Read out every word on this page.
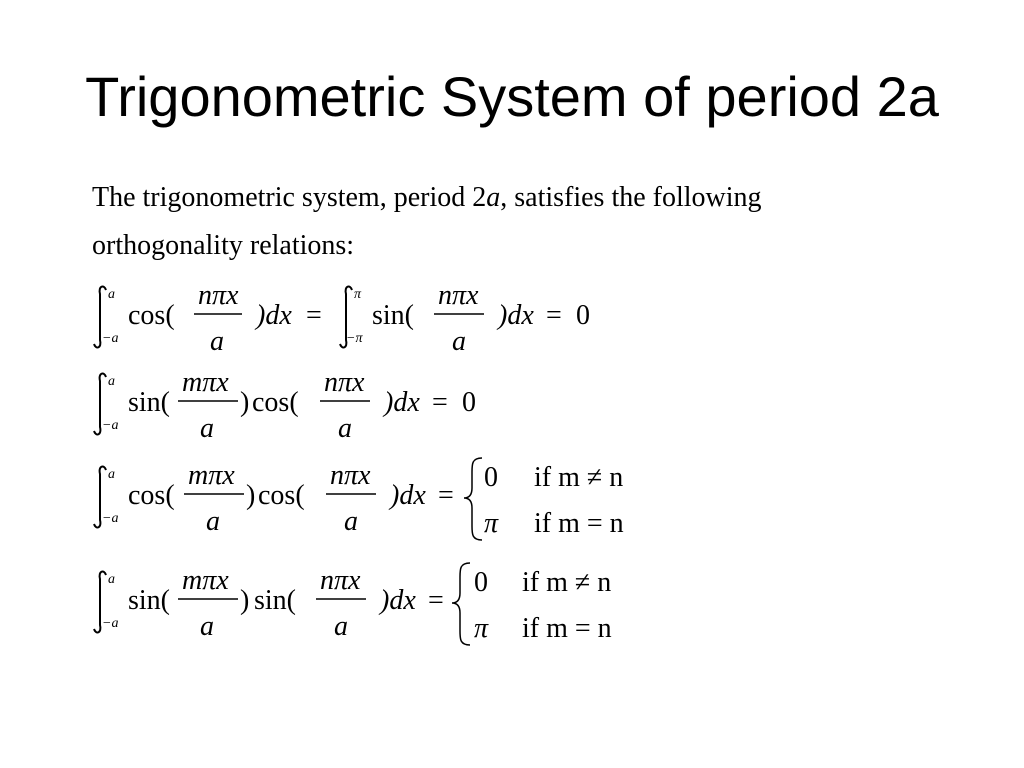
Trigonometric System of period 2a

The trigonometric system, period 2a, satisfies the following
orthogonality relations:

a
−a
cos(
nπx
a
)dx =
π
−π
sin(
nπx
a
)dx = 0
a
−a
sin(
mπx
a
) cos(
nπx
a
)dx = 0
a
−a
cos(
mπx
a
) cos(
nπx
a
)dx =
0 if m ≠ n
π if m = n
a
−a
sin(
mπx
a
) sin(
nπx
a
)dx =
0 if m ≠ n
π if m = n
